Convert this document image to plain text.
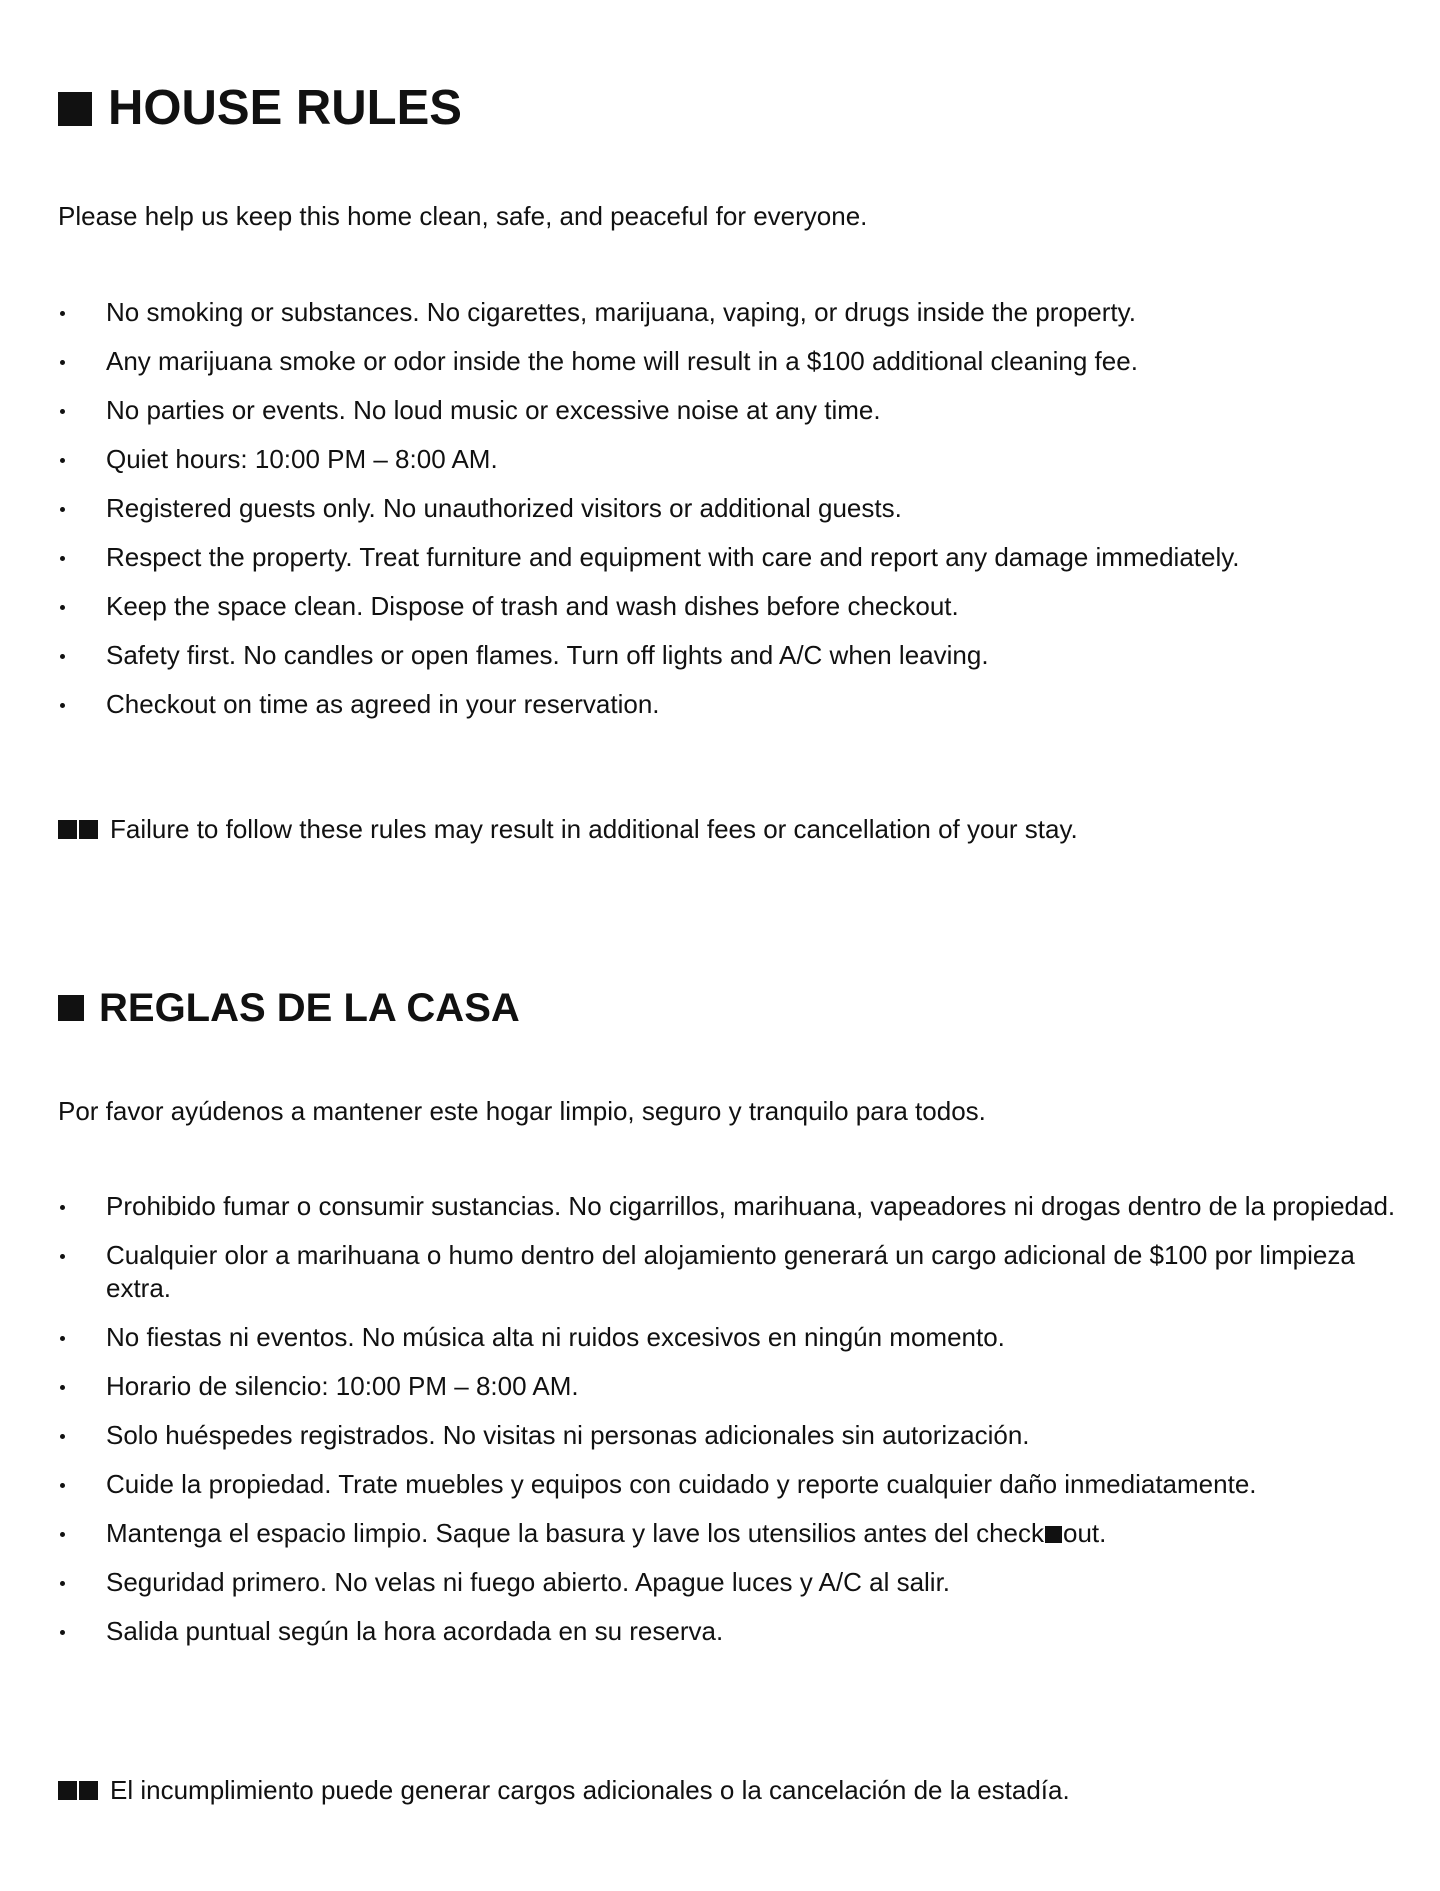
HOUSE RULES

Please help us keep this home clean, safe, and peaceful for everyone.

No smoking or substances. No cigarettes, marijuana, vaping, or drugs inside the property.
Any marijuana smoke or odor inside the home will result in a $100 additional cleaning fee.
No parties or events. No loud music or excessive noise at any time.
Quiet hours: 10:00 PM – 8:00 AM.
Registered guests only. No unauthorized visitors or additional guests.
Respect the property. Treat furniture and equipment with care and report any damage immediately.
Keep the space clean. Dispose of trash and wash dishes before checkout.
Safety first. No candles or open flames. Turn off lights and A/C when leaving.
Checkout on time as agreed in your reservation.
Failure to follow these rules may result in additional fees or cancellation of your stay.
REGLAS DE LA CASA

Por favor ayúdenos a mantener este hogar limpio, seguro y tranquilo para todos.

Prohibido fumar o consumir sustancias. No cigarrillos, marihuana, vapeadores ni drogas dentro de la propiedad.
Cualquier olor a marihuana o humo dentro del alojamiento generará un cargo adicional de $100 por limpieza extra.
No fiestas ni eventos. No música alta ni ruidos excesivos en ningún momento.
Horario de silencio: 10:00 PM – 8:00 AM.
Solo huéspedes registrados. No visitas ni personas adicionales sin autorización.
Cuide la propiedad. Trate muebles y equipos con cuidado y reporte cualquier daño inmediatamente.
Mantenga el espacio limpio. Saque la basura y lave los utensilios antes del check out.
Seguridad primero. No velas ni fuego abierto. Apague luces y A/C al salir.
Salida puntual según la hora acordada en su reserva.
El incumplimiento puede generar cargos adicionales o la cancelación de la estadía.
